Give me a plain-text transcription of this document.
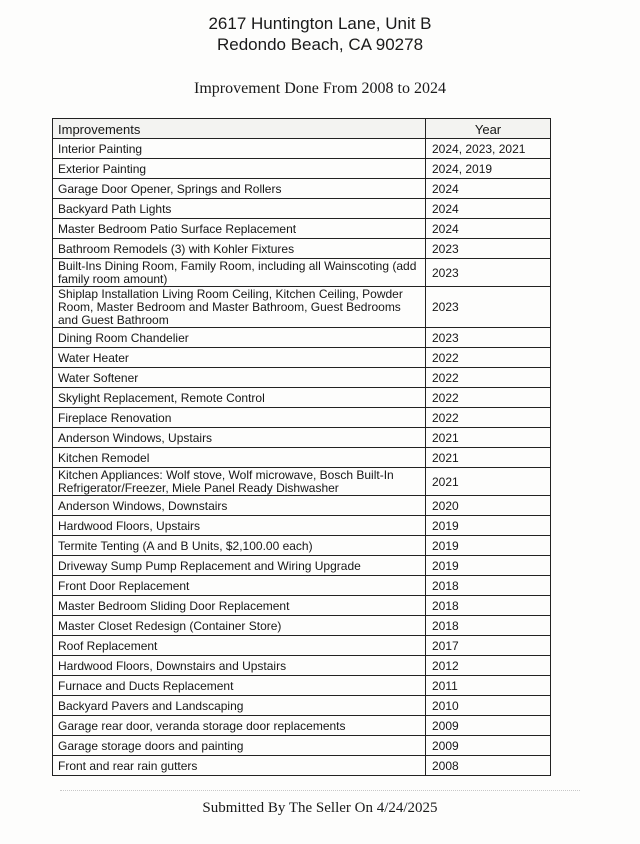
2617 Huntington Lane, Unit B
Redondo Beach, CA 90278
Improvement Done From 2008 to 2024
Improvements	Year
Interior Painting	2024, 2023, 2021
Exterior Painting	2024, 2019
Garage Door Opener, Springs and Rollers	2024
Backyard Path Lights	2024
Master Bedroom Patio Surface Replacement	2024
Bathroom Remodels (3) with Kohler Fixtures	2023
Built-Ins Dining Room, Family Room, including all Wainscoting (add family room amount)	2023
Shiplap Installation Living Room Ceiling, Kitchen Ceiling, Powder Room, Master Bedroom and Master Bathroom, Guest Bedrooms and Guest Bathroom	2023
Dining Room Chandelier	2023
Water Heater	2022
Water Softener	2022
Skylight Replacement, Remote Control	2022
Fireplace Renovation	2022
Anderson Windows, Upstairs	2021
Kitchen Remodel	2021
Kitchen Appliances: Wolf stove, Wolf microwave, Bosch Built-In Refrigerator/Freezer, Miele Panel Ready Dishwasher	2021
Anderson Windows, Downstairs	2020
Hardwood Floors, Upstairs	2019
Termite Tenting (A and B Units, $2,100.00 each)	2019
Driveway Sump Pump Replacement and Wiring Upgrade	2019
Front Door Replacement	2018
Master Bedroom Sliding Door Replacement	2018
Master Closet Redesign (Container Store)	2018
Roof Replacement	2017
Hardwood Floors, Downstairs and Upstairs	2012
Furnace and Ducts Replacement	2011
Backyard Pavers and Landscaping	2010
Garage rear door, veranda storage door replacements	2009
Garage storage doors and painting	2009
Front and rear rain gutters	2008
Submitted By The Seller On 4/24/2025
